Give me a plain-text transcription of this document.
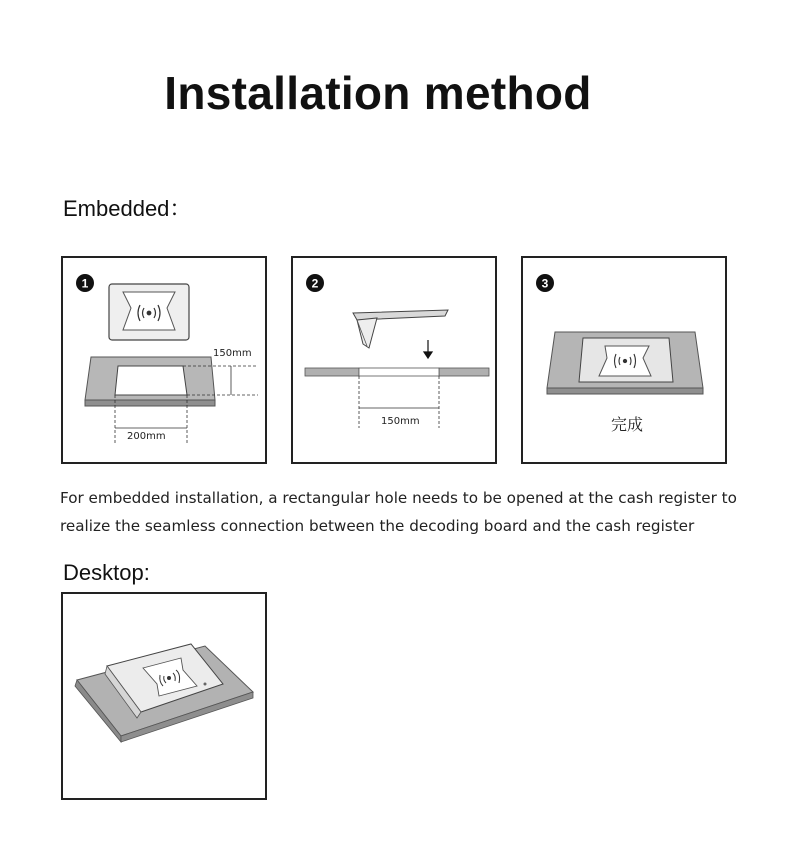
Installation method
Embedded：
1
150mm
200mm
2
150mm
3
完成

For embedded installation, a rectangular hole needs to be opened at the cash register to

realize the seamless connection between the decoding board and the cash register

Desktop:
